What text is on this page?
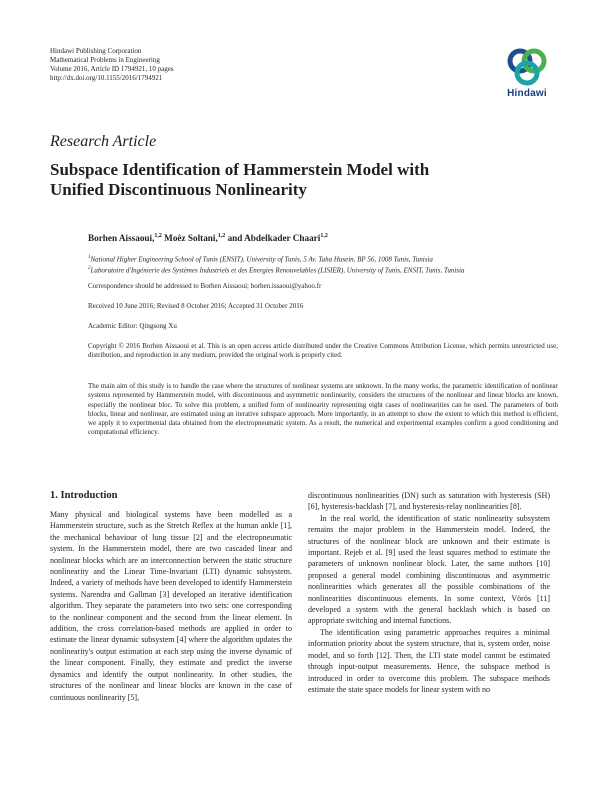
Hindawi Publishing Corporation
Mathematical Problems in Engineering
Volume 2016, Article ID 1794921, 10 pages
http://dx.doi.org/10.1155/2016/1794921
Hindawi
Research Article
Subspace Identification of Hammerstein Model with Unified Discontinuous Nonlinearity
Borhen Aissaoui,$^{1,2}$ Moêz Soltani,$^{1,2}$ and Abdelkader Chaari$^{1,2}$
$^1$National Higher Engineering School of Tunis (ENSIT), University of Tunis, 5 Av. Taha Husein, BP 56, 1008 Tunis, Tunisia
$^2$Laboratoire d'Ingénierie des Systèmes Industriels et des Energies Renouvelables (LISIER), University of Tunis, ENSIT, Tunis, Tunisia
Correspondence should be addressed to Borhen Aissaoui; borhen.issaoui@yahoo.fr
Received 10 June 2016; Revised 8 October 2016; Accepted 31 October 2016
Academic Editor: Qingsong Xu
Copyright © 2016 Borhen Aissaoui et al. This is an open access article distributed under the Creative Commons Attribution License, which permits unrestricted use, distribution, and reproduction in any medium, provided the original work is properly cited.
The main aim of this study is to handle the case where the structures of nonlinear systems are unknown. In the many works, the parametric identification of nonlinear systems represented by Hammerstein model, with discontinuous and asymmetric nonlinearity, considers the structures of the nonlinear and linear blocks are known, especially the nonlinear bloc. To solve this problem, a unified form of nonlinearity representing eight cases of nonlinearities can be used. The parameters of both blocks, linear and nonlinear, are estimated using an iterative subspace approach. More importantly, in an attempt to show the extent to which this method is efficient, we apply it to experimental data obtained from the electropneumatic system. As a result, the numerical and experimental examples confirm a good conditioning and computational efficiency.
1. Introduction

Many physical and biological systems have been modelled as a Hammerstein structure, such as the Stretch Reflex at the human ankle [1], the mechanical behaviour of lung tissue [2] and the electropneumatic system. In the Hammerstein model, there are two cascaded linear and nonlinear blocks which are an interconnection between the static structure nonlinearity and the Linear Time-Invariant (LTI) dynamic subsystem. Indeed, a variety of methods have been developed to identify Hammerstein systems. Narendra and Gallman [3] developed an iterative identification algorithm. They separate the parameters into two sets: one corresponding to the nonlinear component and the second from the linear element. In addition, the cross correlation-based methods are applied in order to estimate the linear dynamic subsystem [4] where the algorithm updates the nonlinearity's output estimation at each step using the inverse dynamic of the linear component. Finally, they estimate and predict the inverse dynamics and identify the output nonlinearity. In other studies, the structures of the nonlinear and linear blocks are known in the case of continuous nonlinearity [5],

discontinuous nonlinearities (DN) such as saturation with hysteresis (SH) [6], hysteresis-backlash [7], and hysteresis-relay nonlinearities [8].

In the real world, the identification of static nonlinearity subsystem remains the major problem in the Hammerstein model. Indeed, the structures of the nonlinear block are unknown and their estimate is important. Rejeb et al. [9] used the least squares method to estimate the parameters of unknown nonlinear block. Later, the same authors [10] proposed a general model combining discontinuous and asymmetric nonlinearities which generates all the possible combinations of the nonlinearities discontinuous elements. In some context, Vörös [11] developed a system with the general backlash which is based on appropriate switching and internal functions.

The identification using parametric approaches requires a minimal information priority about the system structure, that is, system order, noise model, and so forth [12]. Then, the LTI state model cannot be estimated through input-output measurements. Hence, the subspace method is introduced in order to overcome this problem. The subspace methods estimate the state space models for linear system with no
